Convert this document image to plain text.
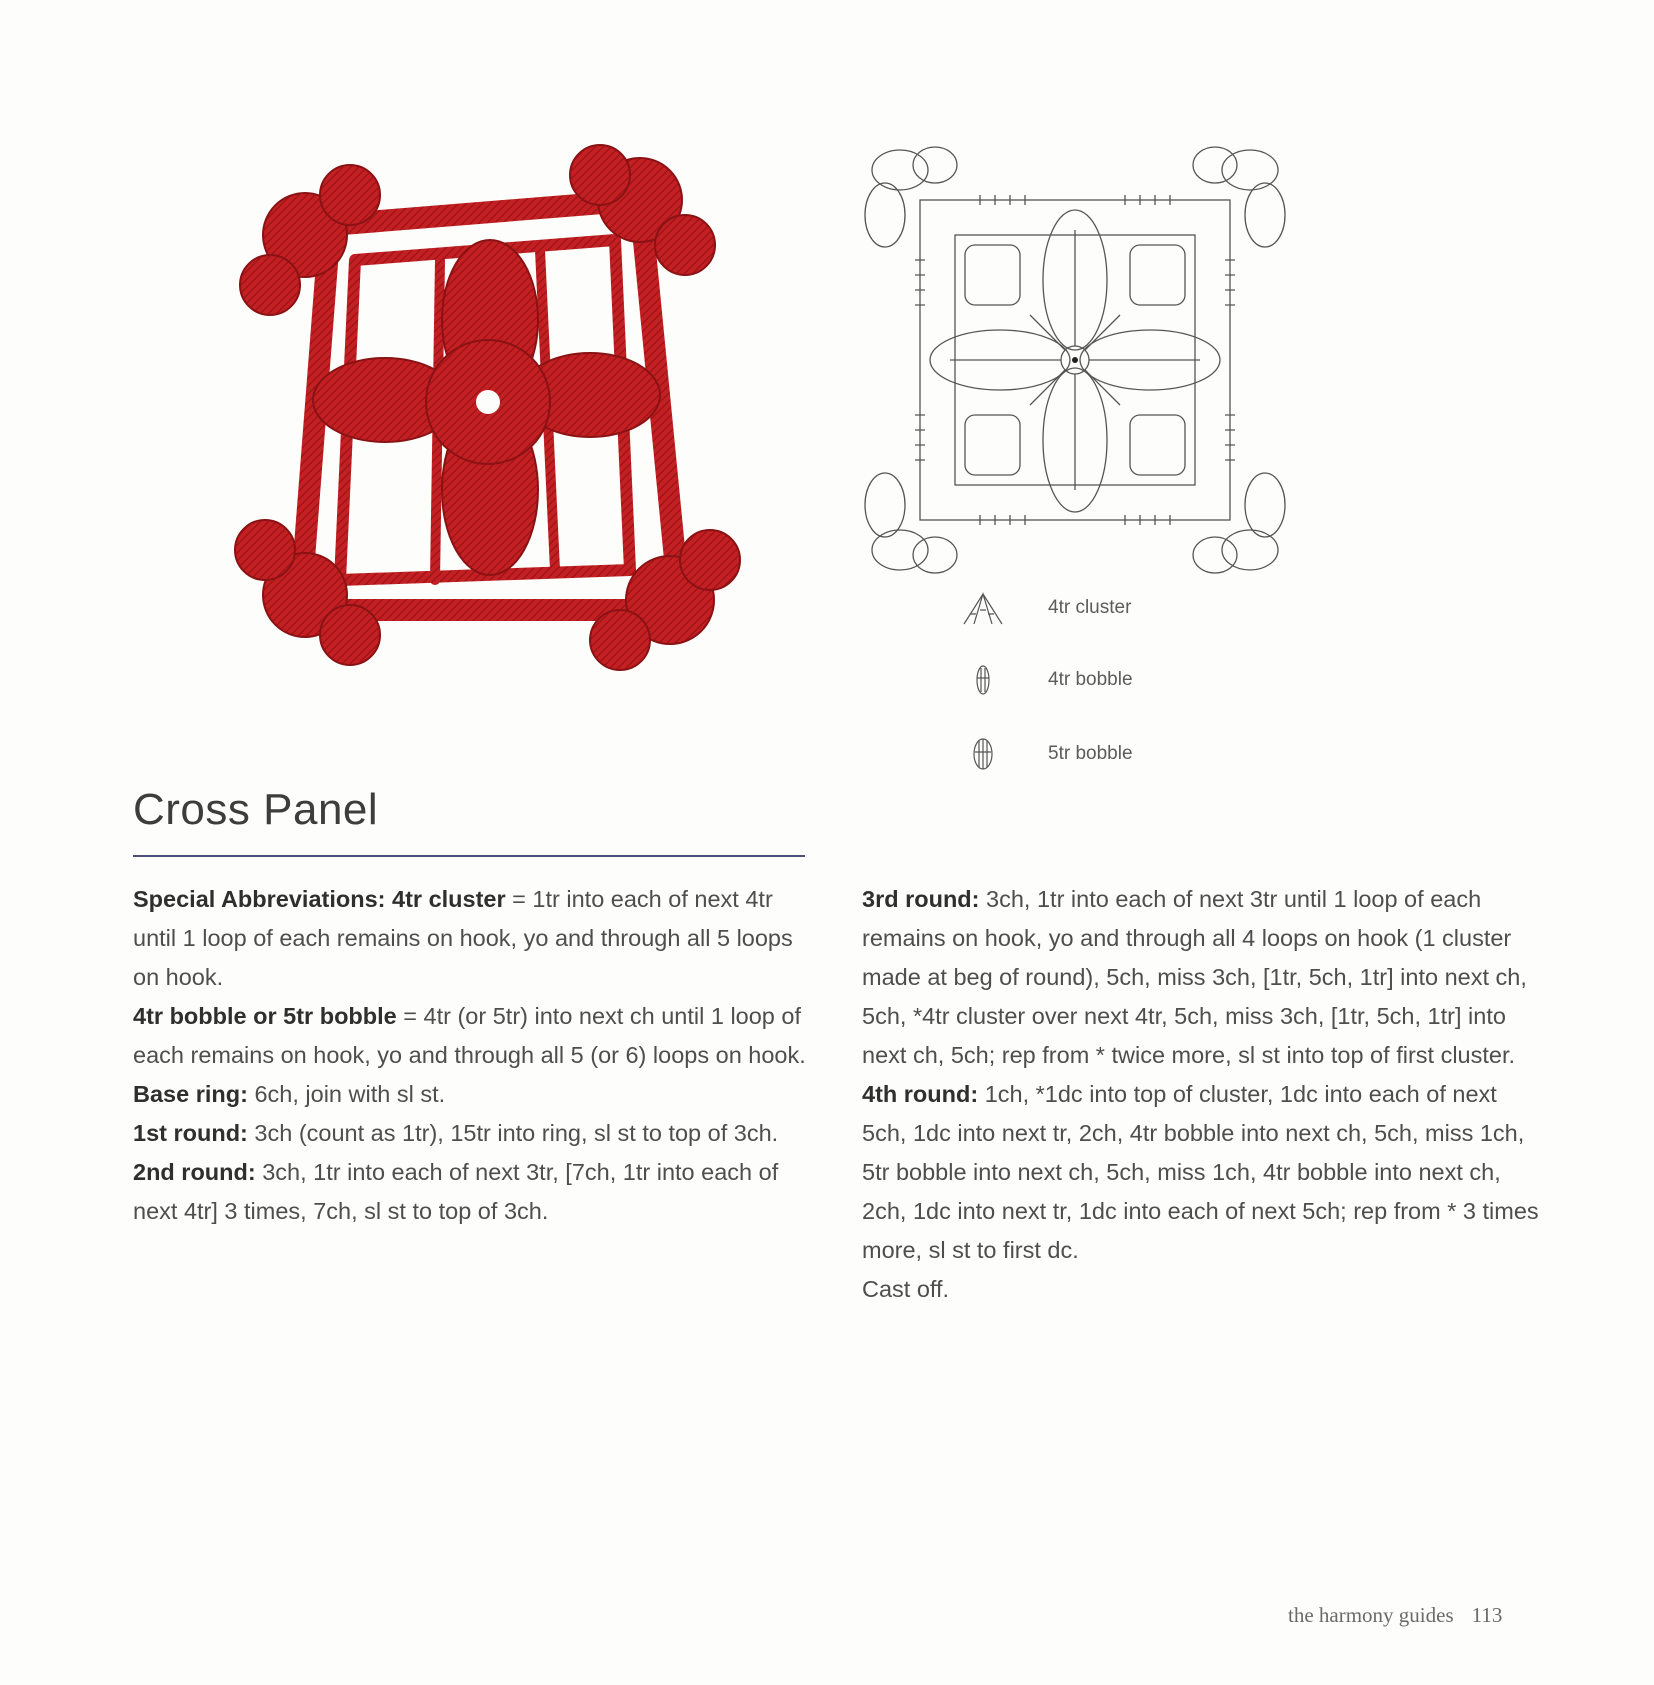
4tr cluster
4tr bobble
5tr bobble
Cross Panel

Special Abbreviations: 4tr cluster = 1tr into each of next 4tr until 1 loop of each remains on hook, yo and through all 5 loops on hook.

4tr bobble or 5tr bobble = 4tr (or 5tr) into next ch until 1 loop of each remains on hook, yo and through all 5 (or 6) loops on hook.

Base ring: 6ch, join with sl st.

1st round: 3ch (count as 1tr), 15tr into ring, sl st to top of 3ch.

2nd round: 3ch, 1tr into each of next 3tr, [7ch, 1tr into each of next 4tr] 3 times, 7ch, sl st to top of 3ch.

3rd round: 3ch, 1tr into each of next 3tr until 1 loop of each remains on hook, yo and through all 4 loops on hook (1 cluster made at beg of round), 5ch, miss 3ch, [1tr, 5ch, 1tr] into next ch, 5ch, *4tr cluster over next 4tr, 5ch, miss 3ch, [1tr, 5ch, 1tr] into next ch, 5ch; rep from * twice more, sl st into top of first cluster.

4th round: 1ch, *1dc into top of cluster, 1dc into each of next 5ch, 1dc into next tr, 2ch, 4tr bobble into next ch, 5ch, miss 1ch, 5tr bobble into next ch, 5ch, miss 1ch, 4tr bobble into next ch, 2ch, 1dc into next tr, 1dc into each of next 5ch; rep from * 3 times more, sl st to first dc.

Cast off.

the harmony guides 113
